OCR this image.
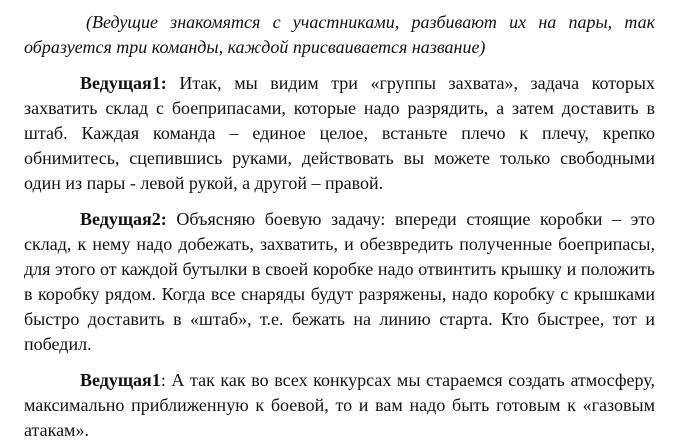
(Ведущие знакомятся с участниками, разбивают их на пары, так образуется три команды, каждой присваивается название)

Ведущая1: Итак, мы видим три «группы захвата», задача которых захватить склад с боеприпасами, которые надо разрядить, а затем доставить в штаб. Каждая команда – единое целое, встаньте плечо к плечу, крепко обнимитесь, сцепившись руками, действовать вы можете только свободными один из пары - левой рукой, а другой – правой.

Ведущая2: Объясняю боевую задачу: впереди стоящие коробки – это склад, к нему надо добежать, захватить, и обезвредить полученные боеприпасы, для этого от каждой бутылки в своей коробке надо отвинтить крышку и положить в коробку рядом. Когда все снаряды будут разряжены, надо коробку с крышками быстро доставить в «штаб», т.е. бежать на линию старта. Кто быстрее, тот и победил.

Ведущая1: А так как во всех конкурсах мы стараемся создать атмосферу, максимально приближенную к боевой, то и вам надо быть готовым к «газовым атакам».
